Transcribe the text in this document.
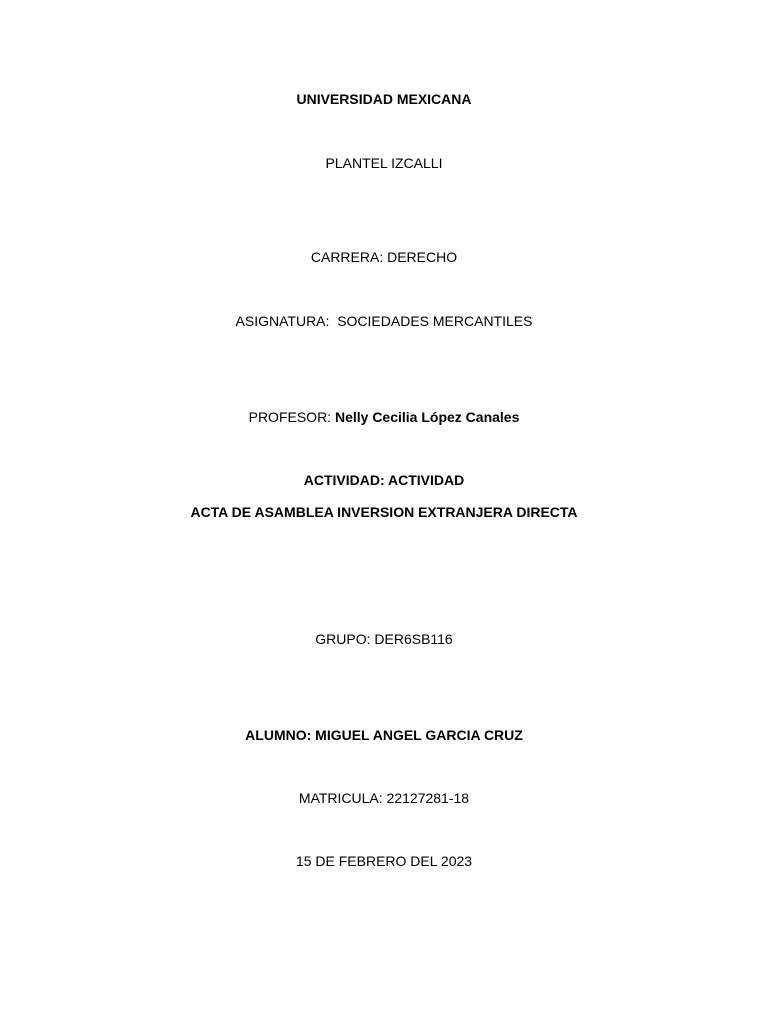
UNIVERSIDAD MEXICANA
PLANTEL IZCALLI
CARRERA: DERECHO
ASIGNATURA:  SOCIEDADES MERCANTILES
PROFESOR: Nelly Cecilia López Canales
ACTIVIDAD: ACTIVIDAD
ACTA DE ASAMBLEA INVERSION EXTRANJERA DIRECTA
GRUPO: DER6SB116
ALUMNO: MIGUEL ANGEL GARCIA CRUZ
MATRICULA: 22127281-18
15 DE FEBRERO DEL 2023
